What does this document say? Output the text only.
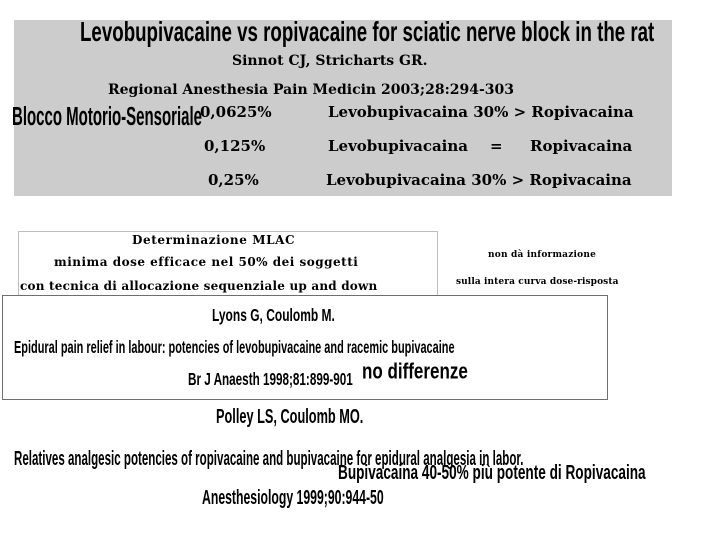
Levobupivacaine vs ropivacaine for sciatic nerve block in the rat
Sinnot CJ, Stricharts GR.
Regional Anesthesia Pain Medicin 2003;28:294-303
Blocco Motorio-Sensoriale
0,0625%	Levobupivacaina 30% > Ropivacaina
0,125%	Levobupivacaina = Ropivacaina
0,25%	Levobupivacaina 30% > Ropivacaina
Determinazione MLAC
minima dose efficace nel 50% dei soggetti
con tecnica di allocazione sequenziale up and down
non dà informazione
sulla intera curva dose-risposta
Lyons G, Coulomb M.
Epidural pain relief in labour: potencies of levobupivacaine and racemic bupivacaine
Br J Anaesth 1998;81:899-901 no differenze
Polley LS, Coulomb MO.
Relatives analgesic potencies of ropivacaine and bupivacaine for epidural analgesia in labor.
Bupivacaina 40-50% più potente di Ropivacaina
Anesthesiology 1999;90:944-50
